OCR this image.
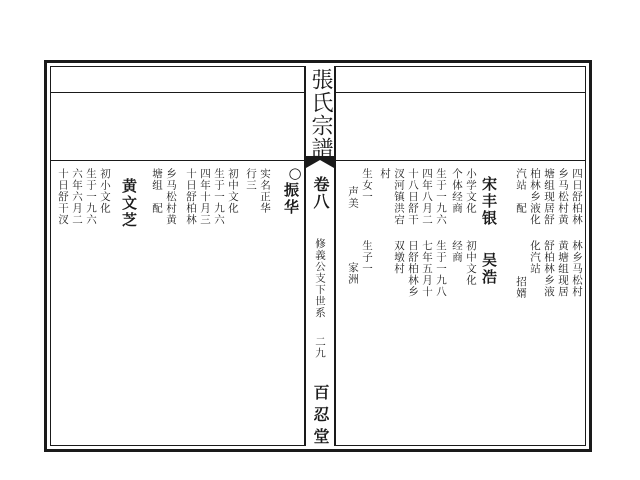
張氏宗譜
卷八
修義公支下世系
二九
百忍堂
四日舒柏林
乡马松村黄
塘组现居舒
柏林乡液化
汽站　配
林乡马松村
黄塘组现居
舒柏林乡液
化汽站
招婿
宋丰银
吴浩
小学文化
个体经商
初中文化
经商
生于一九六
四年八月二
十八日舒干
汊河镇洪宕
村
生于一九八
七年五月十
日舒柏林乡
双墩村
生女一
声美
生子一
家洲
○
振华
实名正华
行三
初中文化
生于一九六
四年十月三
十日舒柏林
乡马松村黄
塘组　配
黄文芝
初小文化
生于一九六
六年六月二
十日舒干汊
